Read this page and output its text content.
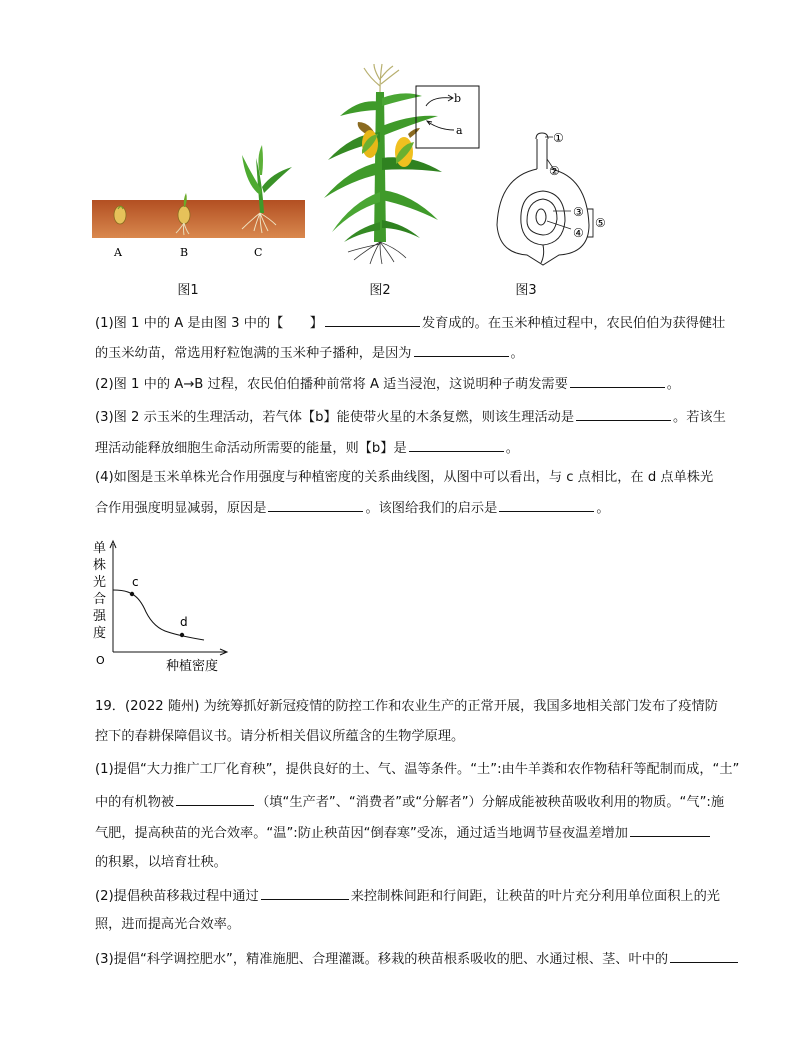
A	B	C
图1
b
a
图2
①
②
③
④
⑤
图3
(1)图 1 中的 A 是由图 3 中的【　　】	发育成的。在玉米种植过程中，农民伯伯为获得健壮
的玉米幼苗，常选用籽粒饱满的玉米种子播种，是因为	。
(2)图 1 中的 A→B 过程，农民伯伯播种前常将 A 适当浸泡，这说明种子萌发需要	。
(3)图 2 示玉米的生理活动，若气体【b】能使带火星的木条复燃，则该生理活动是	。若该生
理活动能释放细胞生命活动所需要的能量，则【b】是	。
(4)如图是玉米单株光合作用强度与种植密度的关系曲线图，从图中可以看出，与 c 点相比，在 d 点单株光
合作用强度明显减弱，原因是	。该图给我们的启示是	。
单
株
光
合
强
度
c
d
O	种植密度
19．(2022 随州) 为统筹抓好新冠疫情的防控工作和农业生产的正常开展，我国多地相关部门发布了疫情防
控下的春耕保障倡议书。请分析相关倡议所蕴含的生物学原理。
(1)提倡“大力推广工厂化育秧”，提供良好的土、气、温等条件。“土”:由牛羊粪和农作物秸秆等配制而成，“土”
中的有机物被	（填“生产者”、“消费者”或“分解者”）分解成能被秧苗吸收利用的物质。“气”:施
气肥，提高秧苗的光合效率。“温”:防止秧苗因“倒春寒”受冻，通过适当地调节昼夜温差增加
的积累，以培育壮秧。
(2)提倡秧苗移栽过程中通过	来控制株间距和行间距，让秧苗的叶片充分利用单位面积上的光
照，进而提高光合效率。
(3)提倡“科学调控肥水”，精准施肥、合理灌溉。移栽的秧苗根系吸收的肥、水通过根、茎、叶中的
